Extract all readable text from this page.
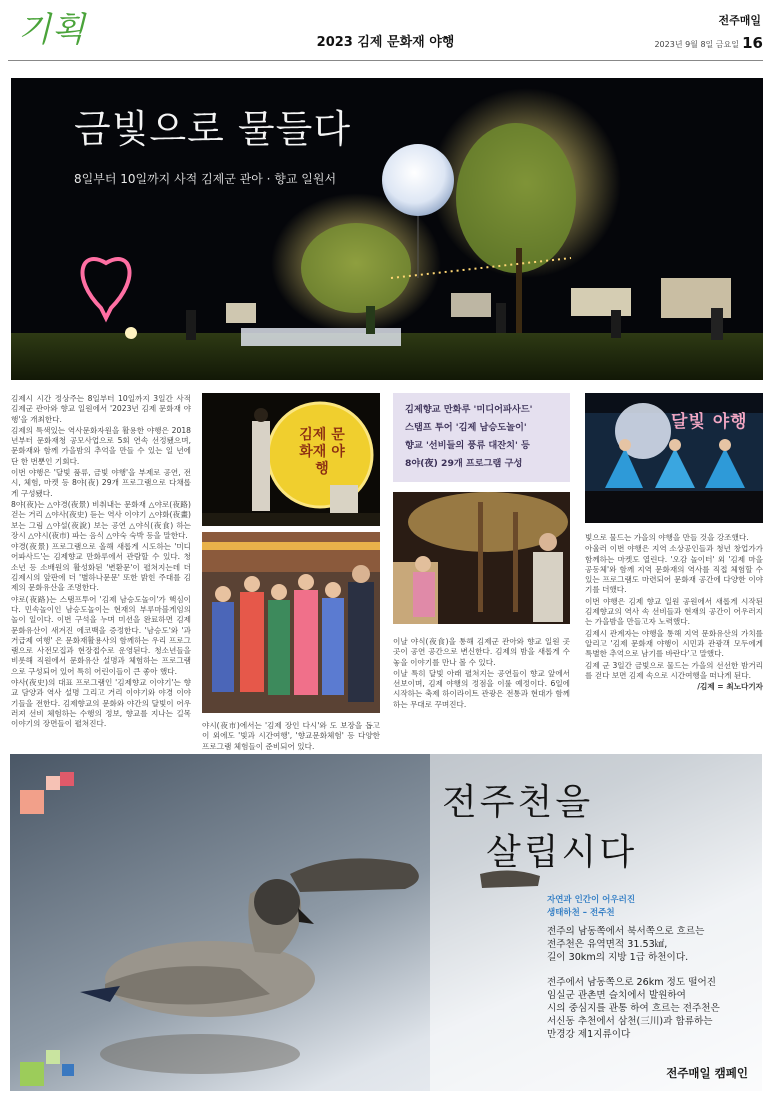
기획	2023 김제 문화재 야행
전주매일
2023년 9월 8일 금요일 16
금빛으로 물들다
8일부터 10일까지 사적 김제군 관아 · 향교 일원서

김제시 시간 정상주는 8일부터 10일까지 3일간 사적 김제군 관아와 향교 일원에서 '2023년 김제 문화재 야행'을 개최한다.

김제의 특색있는 역사문화자원을 활용한 야행은 2018년부터 문화재청 공모사업으로 5회 연속 선정됐으며, 문화재와 함께 가을밤의 추억을 만들 수 있는 일 년에 단 한 번뿐인 기회다.

이번 야행은 '달빛 품류, 금빛 야행'을 부제로 공연, 전시, 체험, 마켓 등 8야(夜) 29개 프로그램으로 다채롭게 구성됐다.

8야(夜)는 △야경(夜景) 비춰내는 문화재 △야로(夜路) 걷는 거리 △야사(夜史) 듣는 역사 이야기 △야화(夜畫) 보는 그림 △야설(夜說) 보는 공연 △야식(夜食) 하는 장시 △야시(夜市) 파는 음식 △야숙 숙박 등을 말한다.

야경(夜景) 프로그램으로 올해 새롭게 시도하는 '미디어파사드'는 김제향교 만화루에서 관람할 수 있다. 청소년 등 소배원의 활성화된 '변환문'이 펼쳐지는데 더 김제시의 앞판에 더 '별하나문문' 또한 밝힌 주대를 김제의 문화유산을 조명한다.

야로(夜路)는 스탬프투어 '김제 남승도놀이'가 핵심이다. 민속놀이인 남승도놀이는 현재의 부루마블게임의 놀이 일이다. 이번 구석을 누며 미션을 완료하면 김제 문화유산이 새겨진 에코백을 증정한다. '남승도'와 '과거급제 여행' 은 문화재활용사의 함께하는 우리 프로그램으로 사전모집과 현장접수로 운영된다. 청소년들을 비롯해 직원에서 문화유산 설명과 체험하는 프로그램으로 구성되어 있어 특히 어린이들이 큰 좋아 했다.

야사(夜史)의 대표 프로그램인 '김제향교 이야기'는 향교 담양과 역사 설명 그리고 거리 이야기와 야경 이야기들을 전한다. 김제향교의 문화와 야간의 달빛이 어우러져 선비 체험하는 수행의 정보, 향교를 지나는 길목 이야기의 장면들이 펼쳐진다.

김제 문화재 야행
김제향교 만화루 '미디어파사드'
스탬프 투어 '김제 남승도놀이'
향교 '선비들의 풍류 대잔치' 등
8야(夜) 29개 프로그램 구성
달빛 야행

야시(夜市)에서는 '김제 장인 다시'와 도 보장을 돕고 이 외에도 '빛과 시간여행', '향교문화체험' 등 다양한 프로그램 체험들이 준비되어 있다.

이날 야식(夜食)을 통해 김제군 관아와 향교 일원 곳곳이 공연 공간으로 변신한다. 김제의 밤을 새롭게 수놓을 이야기를 만나 볼 수 있다.

이날 특히 달빛 아래 펼쳐지는 공연들이 향교 앞에서 선보이며, 김제 야행의 정점을 이룰 예정이다. 6일에 시작하는 축제 하이라이트 관광은 전통과 현대가 함께하는 무대로 꾸며진다.

빛으로 물드는 가을의 야행을 만들 것을 강조했다.

아울러 이번 야행은 지역 소상공인들과 청년 창업가가 함께하는 마켓도 열린다. '오감 놀이터' 외 '김제 마을 공동체'와 함께 지역 문화재의 역사를 직접 체험할 수 있는 프로그램도 마련되어 문화재 공간에 다양한 이야기를 더했다.

이번 야행은 김제 향교 일원 공원에서 새롭게 시작된 김제향교의 역사 속 선비들과 현재의 공간이 어우러지는 가을밤을 만들고자 노력했다.

김제시 관계자는 야행을 통해 지역 문화유산의 가치를 알리고 '김제 문화재 야행이 시민과 관광객 모두에게 특별한 추억으로 남기를 바란다'고 말했다.

김제 군 3일간 금빛으로 물드는 가을의 선선한 밤거리를 걷다 보면 김제 속으로 시간여행을 떠나게 된다.

/김제 = 최노다기자
전주천을
살립시다
자연과 인간이 어우러진
생태하천 – 전주천
전주의 남동쪽에서 북서쪽으로 흐르는
전주천은 유역면적 31.53㎢,
길이 30km의 지방 1급 하천이다.
전주에서 남동쪽으로 26km 정도 떨어진
임실군 관촌면 슬치에서 발원하여
시의 중심지를 관통 하여 흐르는 전주천은
서신동 추천에서 삼천(三川)과 합류하는
만경강 제1지류이다
전주매일 캠페인
